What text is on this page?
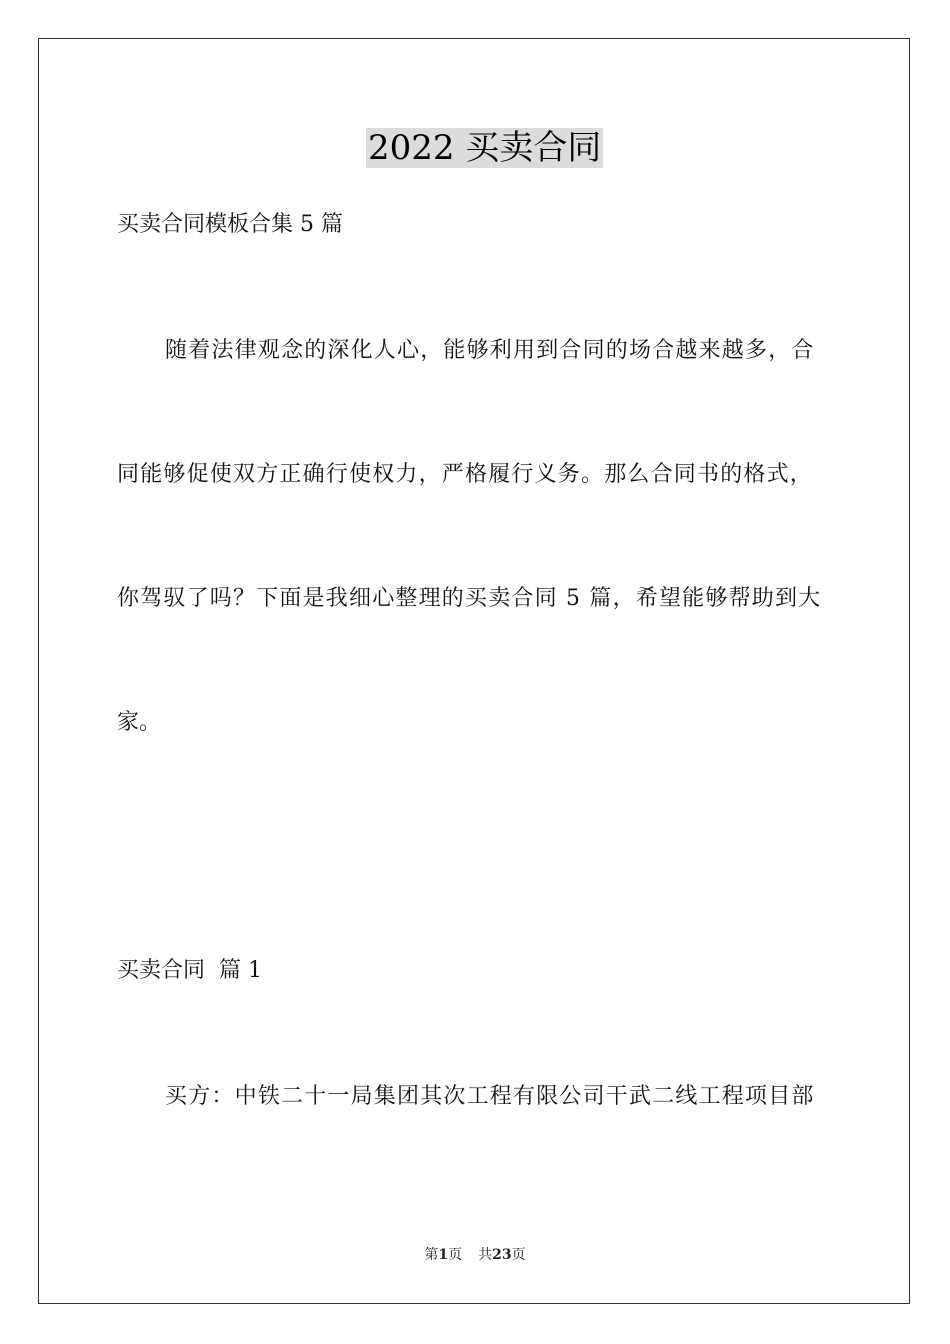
2022 买卖合同
买卖合同模板合集 5 篇
随着法律观念的深化人心，能够利用到合同的场合越来越多，合
同能够促使双方正确行使权力，严格履行义务。那么合同书的格式，
你驾驭了吗？下面是我细心整理的买卖合同 5 篇，希望能够帮助到大
家。
买卖合同  篇 1
买方：中铁二十一局集团其次工程有限公司干武二线工程项目部
第1页 共23页
